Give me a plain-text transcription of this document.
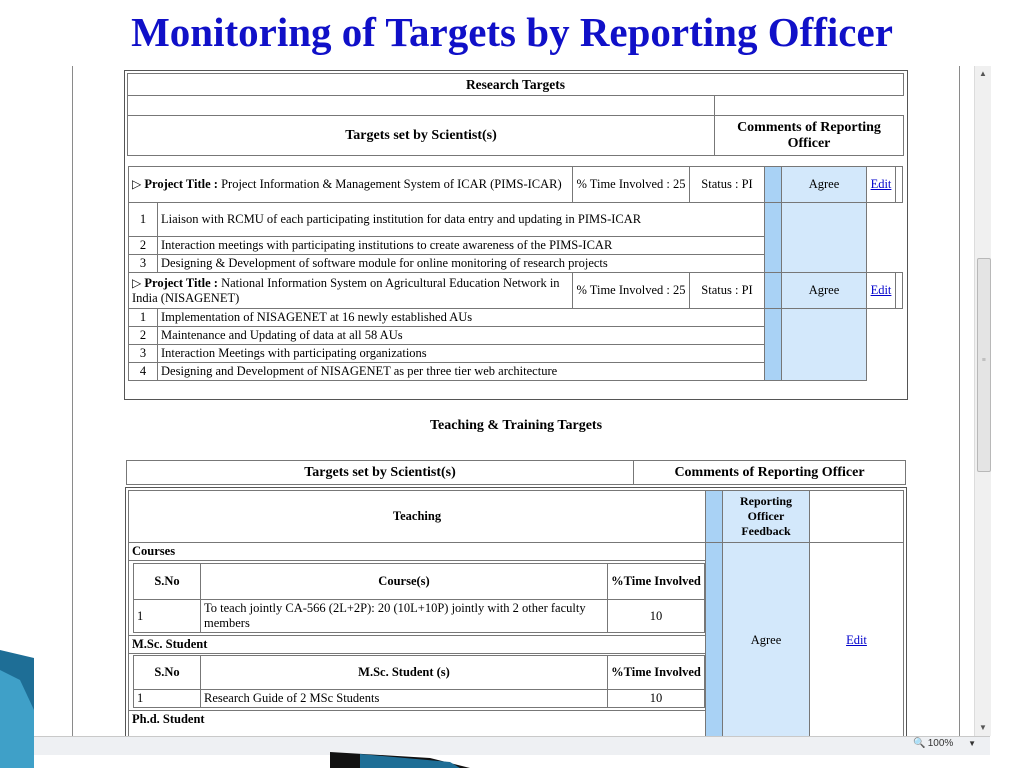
Monitoring of Targets by Reporting Officer
Research Targets	

Targets set by Scientist(s)	Comments of Reporting Officer
▷ Project Title : Project Information & Management System of ICAR (PIMS-ICAR)		% Time Involved : 25	Status : PI		Agree	Edit	
1	Liaison with RCMU of each participating institution for data entry and updating in PIMS-ICAR						
2	Interaction meetings with participating institutions to create awareness of the PIMS-ICAR						
3	Designing & Development of software module for online monitoring of research projects						
▷ Project Title : National Information System on Agricultural Education Network in India (NISAGENET)		% Time Involved : 25	Status : PI		Agree	Edit	
1	Implementation of NISAGENET at 16 newly established AUs						
2	Maintenance and Updating of data at all 58 AUs						
3	Interaction Meetings with participating organizations						
4	Designing and Development of NISAGENET as per three tier web architecture						
Teaching & Training Targets
Targets set by Scientist(s)	Comments of Reporting Officer
Teaching		Reporting Officer Feedback	

Courses
S.No	Course(s)	%Time Involved
1	To teach jointly CA-566 (2L+2P): 20 (10L+10P) jointly with 2 other faculty members	10
M.Sc. Student
S.No	M.Sc. Student (s)	%Time Involved
1	Research Guide of 2 MSc Students	10
Ph.d. Student
		Agree	Edit
▲
≡
▼
🔍 100% ▼
